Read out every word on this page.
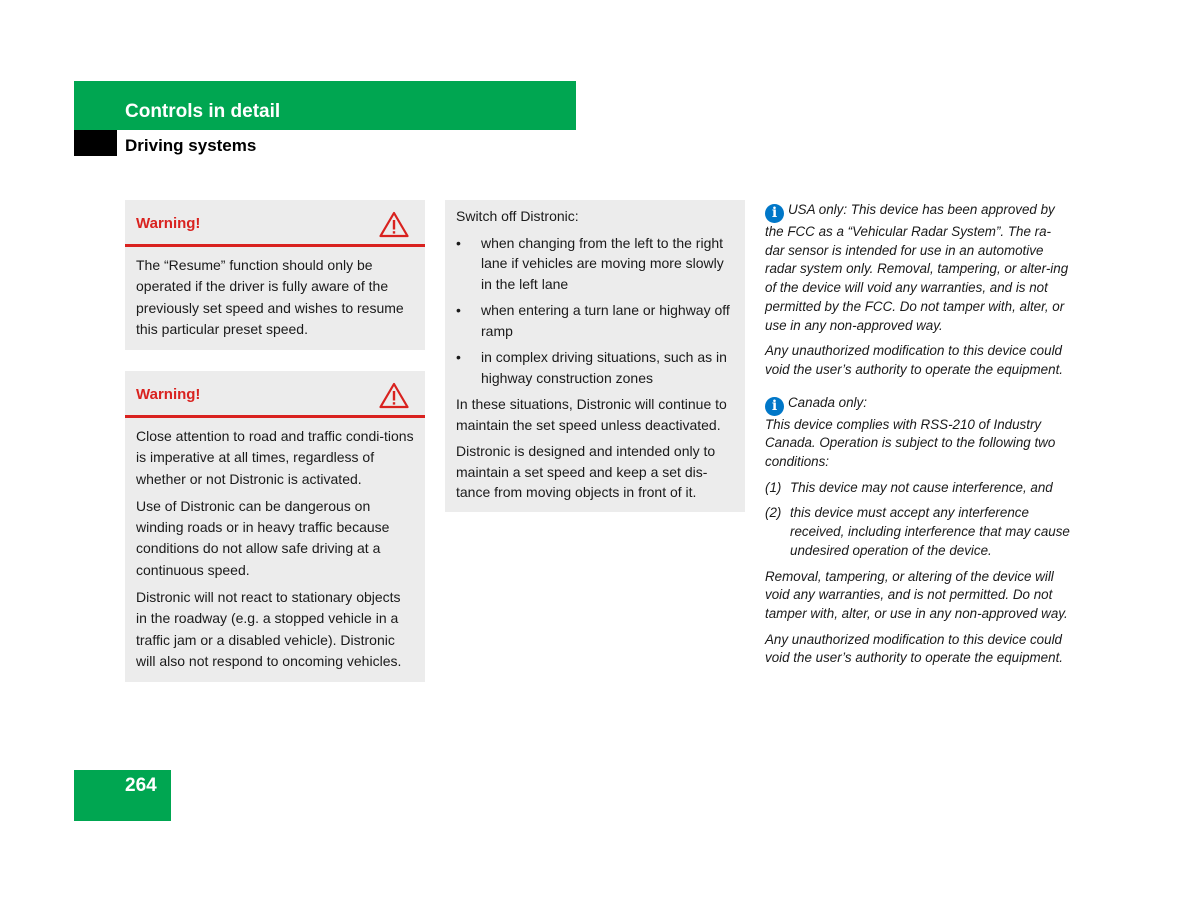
Controls in detail
Driving systems
Warning!

The “Resume” function should only be operated if the driver is fully aware of the previously set speed and wishes to resume this particular preset speed.

Warning!

Close attention to road and traffic condi-tions is imperative at all times, regardless of whether or not Distronic is activated.

Use of Distronic can be dangerous on winding roads or in heavy traffic because conditions do not allow safe driving at a continuous speed.

Distronic will not react to stationary objects in the roadway (e.g. a stopped vehicle in a traffic jam or a disabled vehicle). Distronic will also not respond to oncoming vehicles.

Switch off Distronic:

• when changing from the left to the right lane if vehicles are moving more slowly in the left lane
• when entering a turn lane or highway off ramp
• in complex driving situations, such as in highway construction zones

In these situations, Distronic will continue to maintain the set speed unless deactivated.

Distronic is designed and intended only to maintain a set speed and keep a set dis-tance from moving objects in front of it.

i USA only: This device has been approved by the FCC as a “Vehicular Radar System”. The ra-dar sensor is intended for use in an automotive radar system only. Removal, tampering, or alter-ing of the device will void any warranties, and is not permitted by the FCC. Do not tamper with, alter, or use in any non-approved way.

Any unauthorized modification to this device could void the user’s authority to operate the equipment.

i Canada only:
This device complies with RSS-210 of Industry Canada. Operation is subject to the following two conditions:

(1) This device may not cause interference, and
(2) this device must accept any interference received, including interference that may cause undesired operation of the device.

Removal, tampering, or altering of the device will void any warranties, and is not permitted. Do not tamper with, alter, or use in any non-approved way.

Any unauthorized modification to this device could void the user’s authority to operate the equipment.

264
